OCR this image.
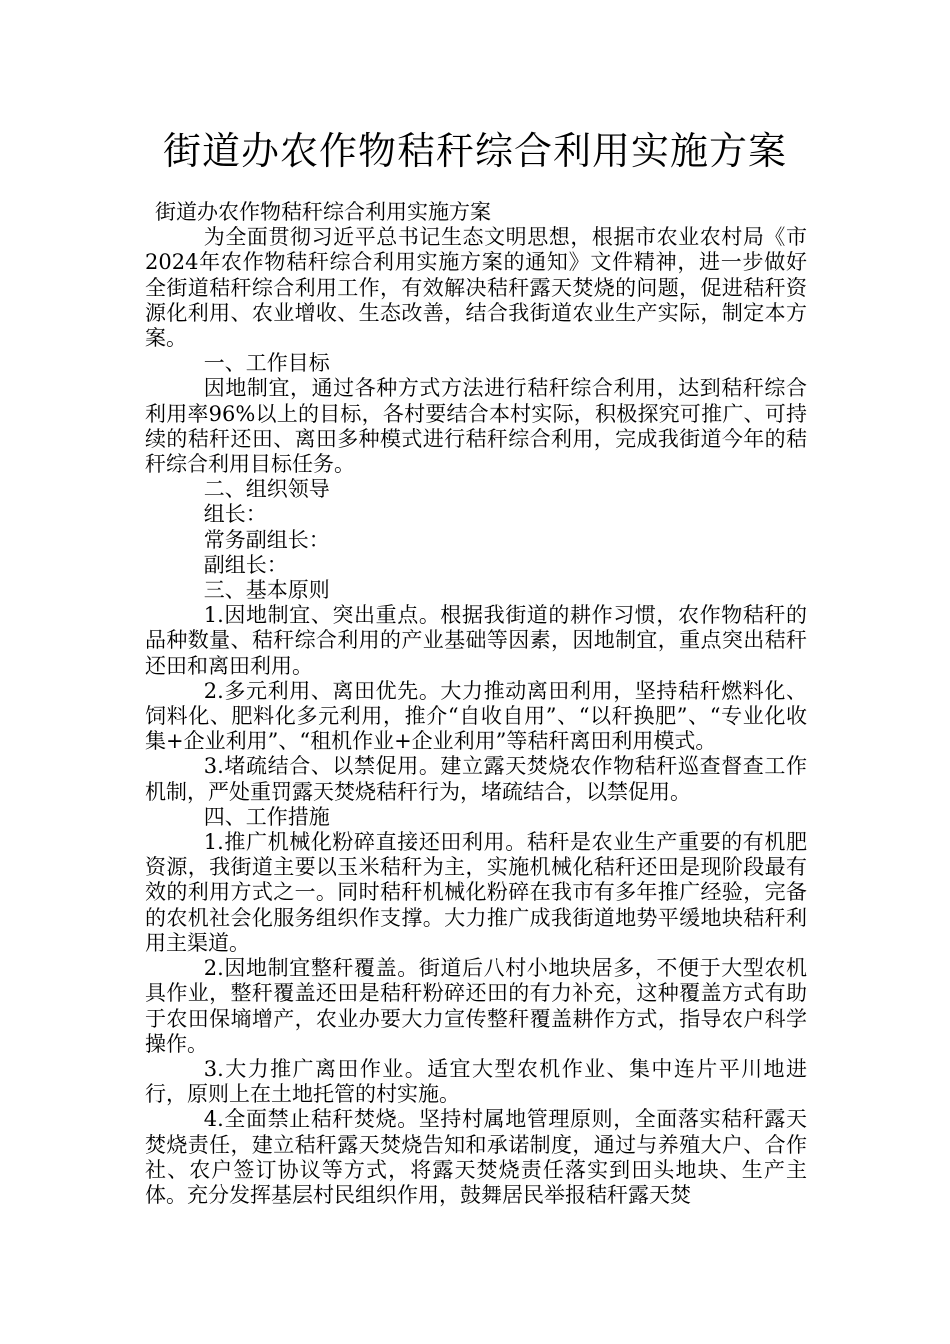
街道办农作物秸秆综合利用实施方案

街道办农作物秸秆综合利用实施方案

为全面贯彻习近平总书记生态文明思想，根据市农业农村局《市2024年农作物秸秆综合利用实施方案的通知》文件精神，进一步做好全街道秸秆综合利用工作，有效解决秸秆露天焚烧的问题，促进秸秆资源化利用、农业增收、生态改善，结合我街道农业生产实际，制定本方案。

一、工作目标

因地制宜，通过各种方式方法进行秸秆综合利用，达到秸秆综合利用率96%以上的目标，各村要结合本村实际，积极探究可推广、可持续的秸秆还田、离田多种模式进行秸秆综合利用，完成我街道今年的秸秆综合利用目标任务。

二、组织领导

组长：

常务副组长：

副组长：

三、基本原则

1.因地制宜、突出重点。根据我街道的耕作习惯，农作物秸秆的品种数量、秸秆综合利用的产业基础等因素，因地制宜，重点突出秸秆还田和离田利用。

2.多元利用、离田优先。大力推动离田利用，坚持秸秆燃料化、饲料化、肥料化多元利用，推介“自收自用”、“以秆换肥”、“专业化收集+企业利用”、“租机作业+企业利用”等秸秆离田利用模式。

3.堵疏结合、以禁促用。建立露天焚烧农作物秸秆巡查督查工作机制，严处重罚露天焚烧秸秆行为，堵疏结合，以禁促用。

四、工作措施

1.推广机械化粉碎直接还田利用。秸秆是农业生产重要的有机肥资源，我街道主要以玉米秸秆为主，实施机械化秸秆还田是现阶段最有效的利用方式之一。同时秸秆机械化粉碎在我市有多年推广经验，完备的农机社会化服务组织作支撑。大力推广成我街道地势平缓地块秸秆利用主渠道。

2.因地制宜整秆覆盖。街道后八村小地块居多，不便于大型农机具作业，整秆覆盖还田是秸秆粉碎还田的有力补充，这种覆盖方式有助于农田保墒增产，农业办要大力宣传整秆覆盖耕作方式，指导农户科学操作。

3.大力推广离田作业。适宜大型农机作业、集中连片平川地进行，原则上在土地托管的村实施。

4.全面禁止秸秆焚烧。坚持村属地管理原则，全面落实秸秆露天焚烧责任，建立秸秆露天焚烧告知和承诺制度，通过与养殖大户、合作社、农户签订协议等方式，将露天焚烧责任落实到田头地块、生产主体。充分发挥基层村民组织作用，鼓舞居民举报秸秆露天焚
